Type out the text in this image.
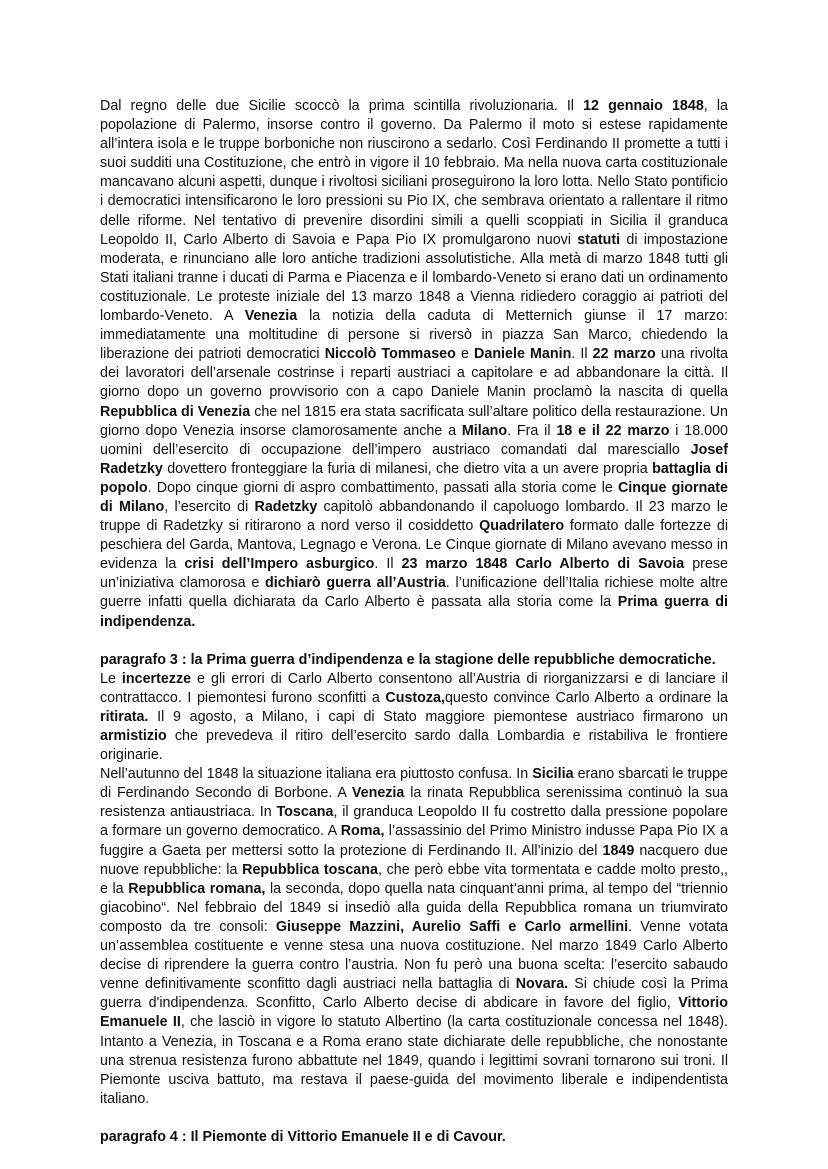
Dal regno delle due Sicilie scoccò la prima scintilla rivoluzionaria. Il 12 gennaio 1848, la popolazione di Palermo, insorse contro il governo. Da Palermo il moto si estese rapidamente all’intera isola e le truppe borboniche non riuscirono a sedarlo. Così Ferdinando II promette a tutti i suoi sudditi una Costituzione, che entrò in vigore il 10 febbraio. Ma nella nuova carta costituzionale mancavano alcuni aspetti, dunque i rivoltosi siciliani proseguirono la loro lotta. Nello Stato pontificio i democratici intensificarono le loro pressioni su Pio IX, che sembrava orientato a rallentare il ritmo delle riforme. Nel tentativo di prevenire disordini simili a quelli scoppiati in Sicilia il granduca Leopoldo II, Carlo Alberto di Savoia e Papa Pio IX promulgarono nuovi statuti di impostazione moderata, e rinunciano alle loro antiche tradizioni assolutistiche. Alla metà di marzo 1848 tutti gli Stati italiani tranne i ducati di Parma e Piacenza e il lombardo-Veneto si erano dati un ordinamento costituzionale. Le proteste iniziale del 13 marzo 1848 a Vienna ridiedero coraggio ai patrioti del lombardo-Veneto. A Venezia la notizia della caduta di Metternich giunse il 17 marzo: immediatamente una moltitudine di persone si riversò in piazza San Marco, chiedendo la liberazione dei patrioti democratici Niccolò Tommaseo e Daniele Manin. Il 22 marzo una rivolta dei lavoratori dell’arsenale costrinse i reparti austriaci a capitolare e ad abbandonare la città. Il giorno dopo un governo provvisorio con a capo Daniele Manin proclamò la nascita di quella Repubblica di Venezia che nel 1815 era stata sacrificata sull’altare politico della restaurazione. Un giorno dopo Venezia insorse clamorosamente anche a Milano. Fra il 18 e il 22 marzo i 18.000 uomini dell’esercito di occupazione dell’impero austriaco comandati dal maresciallo Josef Radetzky dovettero fronteggiare la furia di milanesi, che dietro vita a un avere propria battaglia di popolo. Dopo cinque giorni di aspro combattimento, passati alla storia come le Cinque giornate di Milano, l’esercito di Radetzky capitolò abbandonando il capoluogo lombardo. Il 23 marzo le truppe di Radetzky si ritirarono a nord verso il cosiddetto Quadrilatero formato dalle fortezze di peschiera del Garda, Mantova, Legnago e Verona. Le Cinque giornate di Milano avevano messo in evidenza la crisi dell’Impero asburgico. Il 23 marzo 1848 Carlo Alberto di Savoia prese un’iniziativa clamorosa e dichiarò guerra all’Austria. l’unificazione dell’Italia richiese molte altre guerre infatti quella dichiarata da Carlo Alberto è passata alla storia come la Prima guerra di indipendenza.

paragrafo 3 : la Prima guerra d’indipendenza e la stagione delle repubbliche democratiche.

Le incertezze e gli errori di Carlo Alberto consentono all’Austria di riorganizzarsi e di lanciare il contrattacco. I piemontesi furono sconfitti a Custoza,questo convince Carlo Alberto a ordinare la ritirata. Il 9 agosto, a Milano, i capi di Stato maggiore piemontese austriaco firmarono un armistizio che prevedeva il ritiro dell’esercito sardo dalla Lombardia e ristabiliva le frontiere originarie.

Nell’autunno del 1848 la situazione italiana era piuttosto confusa. In Sicilia erano sbarcati le truppe di Ferdinando Secondo di Borbone. A Venezia la rinata Repubblica serenissima continuò la sua resistenza antiaustriaca. In Toscana, il granduca Leopoldo II fu costretto dalla pressione popolare a formare un governo democratico. A Roma, l’assassinio del Primo Ministro indusse Papa Pio IX a fuggire a Gaeta per mettersi sotto la protezione di Ferdinando II. All’inizio del 1849 nacquero due nuove repubbliche: la Repubblica toscana, che però ebbe vita tormentata e cadde molto presto,, e la Repubblica romana, la seconda, dopo quella nata cinquant’anni prima, al tempo del “triennio giacobino“. Nel febbraio del 1849 si insediò alla guida della Repubblica romana un triumvirato composto da tre consoli: Giuseppe Mazzini, Aurelio Saffi e Carlo armellini. Venne votata un’assemblea costituente e venne stesa una nuova costituzione. Nel marzo 1849 Carlo Alberto decise di riprendere la guerra contro l’austria. Non fu però una buona scelta: l’esercito sabaudo venne definitivamente sconfitto dagli austriaci nella battaglia di Novara. Si chiude così la Prima guerra d'indipendenza. Sconfitto, Carlo Alberto decise di abdicare in favore del figlio, Vittorio Emanuele II, che lasciò in vigore lo statuto Albertino (la carta costituzionale concessa nel 1848). Intanto a Venezia, in Toscana e a Roma erano state dichiarate delle repubbliche, che nonostante una strenua resistenza furono abbattute nel 1849, quando i legittimi sovrani tornarono sui troni. Il Piemonte usciva battuto, ma restava il paese-guida del movimento liberale e indipendentista italiano.

paragrafo 4 : Il Piemonte di Vittorio Emanuele II e di Cavour.
